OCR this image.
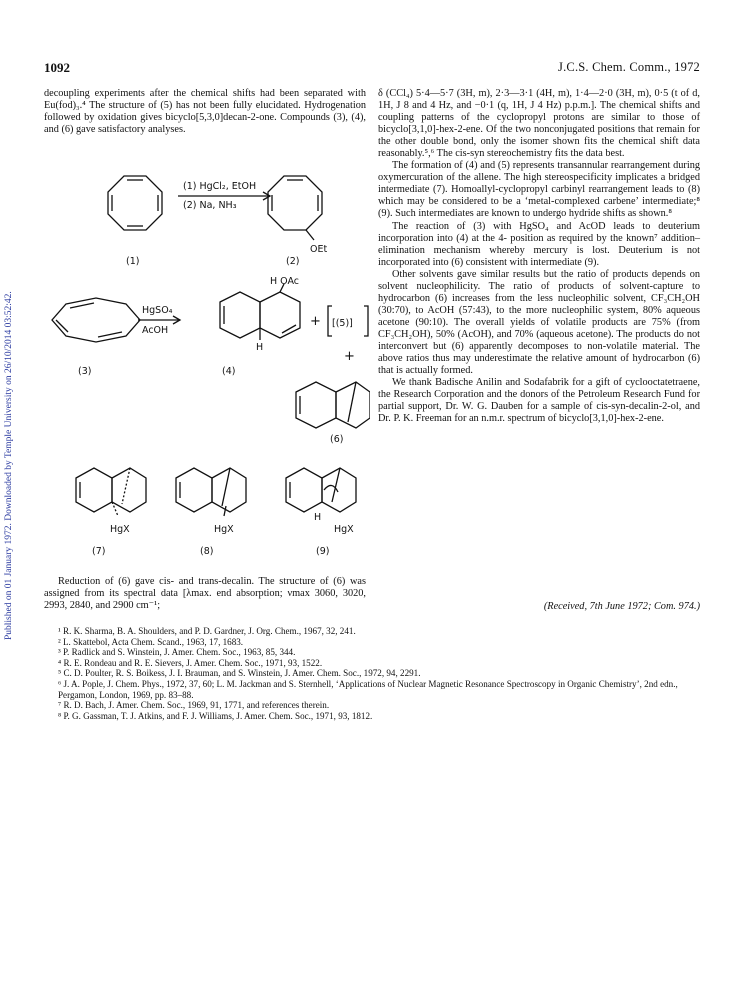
Published on 01 January 1972. Downloaded by Temple University on 26/10/2014 03:52:42.
1092	J.C.S. Chem. Comm., 1972

decoupling experiments after the chemical shifts had been separated with Eu(fod)₃.⁴ The structure of (5) has not been fully elucidated. Hydrogenation followed by oxidation gives bicyclo[5,3,0]decan-2-one. Compounds (3), (4), and (6) gave satisfactory analyses.

(1) HgCl₂, EtOH
(2) Na, NH₃
OEt
(1)	(2)
HgSO₄
AcOH
H OAc
H
+ [(5)]
+
(3)	(4)
(6)
HgX	HgX
H
HgX
(7)	(8)	(9)

Reduction of (6) gave cis- and trans-decalin. The structure of (6) was assigned from its spectral data [λmax. end absorption; νmax 3060, 3020, 2993, 2840, and 2900 cm⁻¹;

δ (CCl₄) 5·4—5·7 (3H, m), 2·3—3·1 (4H, m), 1·4—2·0 (3H, m), 0·5 (t of d, 1H, J 8 and 4 Hz, and −0·1 (q, 1H, J 4 Hz) p.p.m.]. The chemical shifts and coupling patterns of the cyclopropyl protons are similar to those of bicyclo[3,1,0]-hex-2-ene. Of the two nonconjugated positions that remain for the other double bond, only the isomer shown fits the chemical shift data reasonably.⁵,⁶ The cis-syn stereochemistry fits the data best.

The formation of (4) and (5) represents transannular rearrangement during oxymercuration of the allene. The high stereospecificity implicates a bridged intermediate (7). Homoallyl-cyclopropyl carbinyl rearrangement leads to (8) which may be considered to be a ‘metal-complexed carbene’ intermediate;⁸ (9). Such intermediates are known to undergo hydride shifts as shown.⁸

The reaction of (3) with HgSO₄ and AcOD leads to deuterium incorporation into (4) at the 4- position as required by the known⁷ addition–elimination mechanism whereby mercury is lost. Deuterium is not incorporated into (6) consistent with intermediate (9).

Other solvents gave similar results but the ratio of products depends on solvent nucleophilicity. The ratio of products of solvent-capture to hydrocarbon (6) increases from the less nucleophilic solvent, CF₃CH₂OH (30:70), to AcOH (57:43), to the more nucleophilic system, 80% aqueous acetone (90:10). The overall yields of volatile products are 75% (from CF₃CH₂OH), 50% (AcOH), and 70% (aqueous acetone). The products do not interconvert but (6) apparently decomposes to non-volatile material. The above ratios thus may underestimate the relative amount of hydrocarbon (6) that is actually formed.

We thank Badische Anilin and Sodafabrik for a gift of cyclooctatetraene, the Research Corporation and the donors of the Petroleum Research Fund for partial support, Dr. W. G. Dauben for a sample of cis-syn-decalin-2-ol, and Dr. P. K. Freeman for an n.m.r. spectrum of bicyclo[3,1,0]-hex-2-ene.

(Received, 7th June 1972; Com. 974.)

¹ R. K. Sharma, B. A. Shoulders, and P. D. Gardner, J. Org. Chem., 1967, 32, 241.

² L. Skattebol, Acta Chem. Scand., 1963, 17, 1683.

³ P. Radlick and S. Winstein, J. Amer. Chem. Soc., 1963, 85, 344.

⁴ R. E. Rondeau and R. E. Sievers, J. Amer. Chem. Soc., 1971, 93, 1522.

⁵ C. D. Poulter, R. S. Boikess, J. I. Brauman, and S. Winstein, J. Amer. Chem. Soc., 1972, 94, 2291.

⁶ J. A. Pople, J. Chem. Phys., 1972, 37, 60; L. M. Jackman and S. Sternhell, ‘Applications of Nuclear Magnetic Resonance Spectroscopy in Organic Chemistry’, 2nd edn., Pergamon, London, 1969, pp. 83–88.

⁷ R. D. Bach, J. Amer. Chem. Soc., 1969, 91, 1771, and references therein.

⁸ P. G. Gassman, T. J. Atkins, and F. J. Williams, J. Amer. Chem. Soc., 1971, 93, 1812.
